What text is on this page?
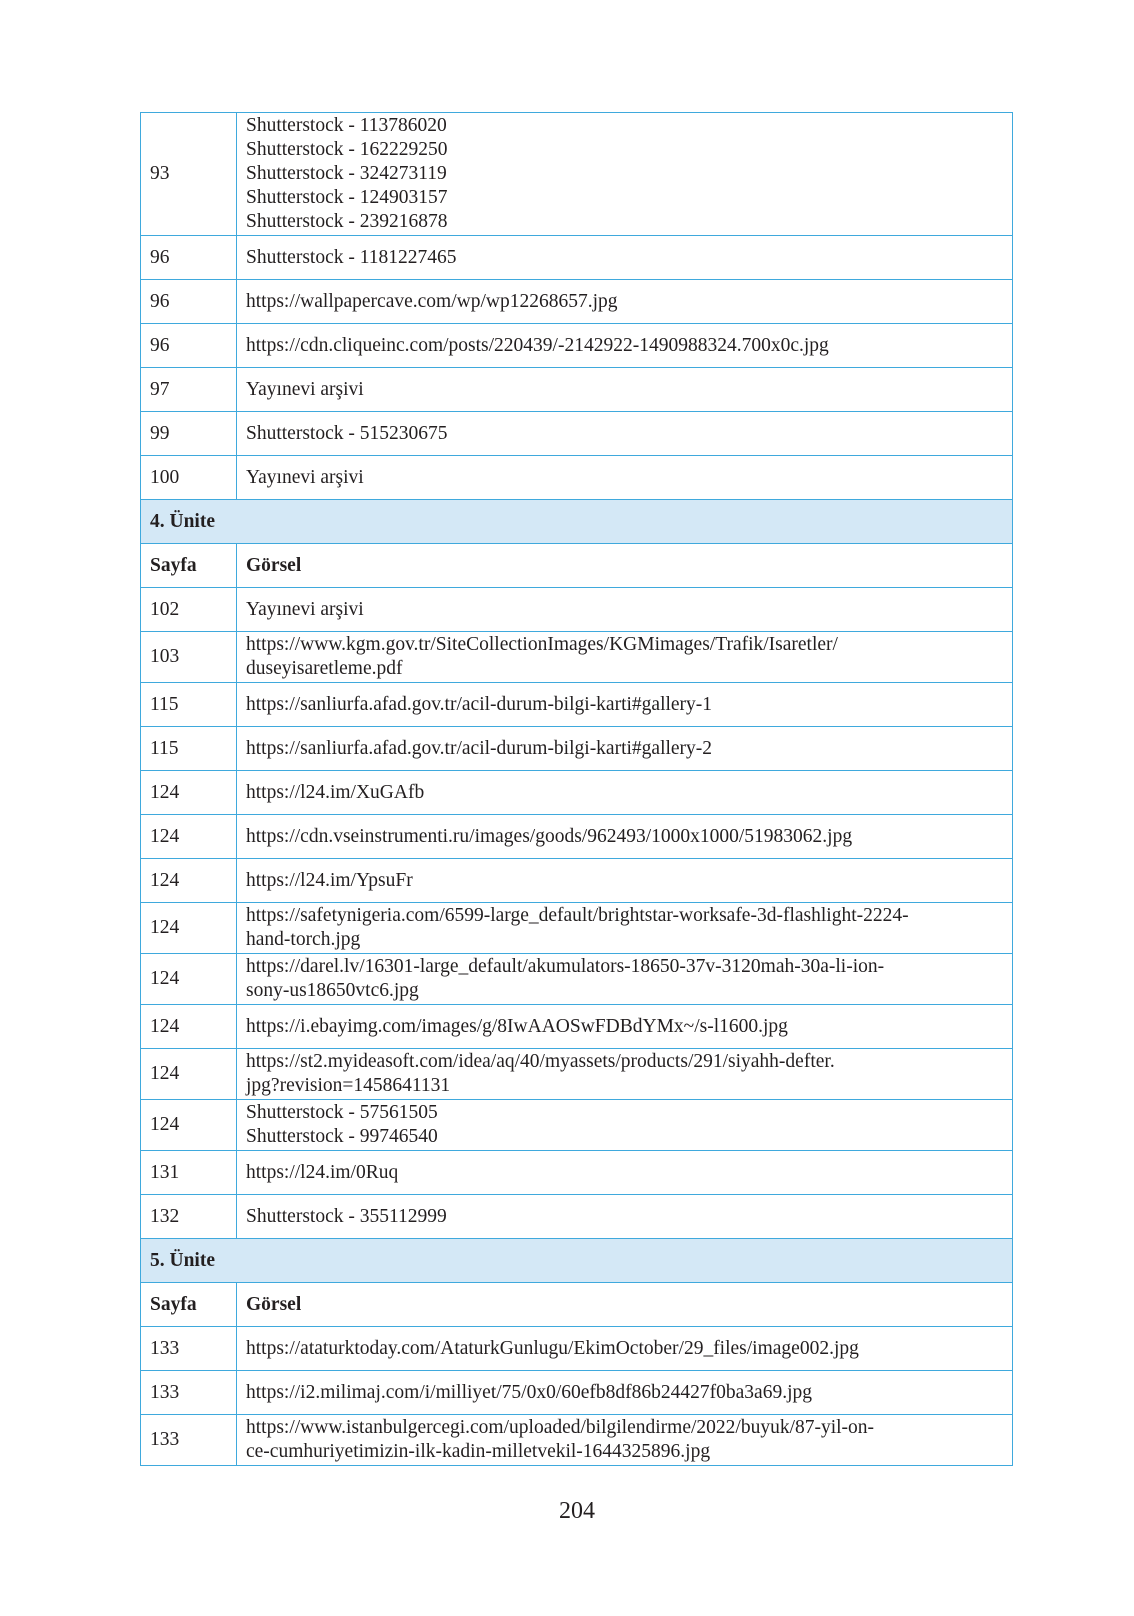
93	Shutterstock - 113786020
Shutterstock - 162229250
Shutterstock - 324273119
Shutterstock - 124903157
Shutterstock - 239216878

96	Shutterstock - 1181227465

96	https://wallpapercave.com/wp/wp12268657.jpg

96	https://cdn.cliqueinc.com/posts/220439/-2142922-1490988324.700x0c.jpg

97	Yayınevi arşivi

99	Shutterstock - 515230675

100	Yayınevi arşivi

4. Ünite	
Sayfa	Görsel
102	Yayınevi arşivi

103	https://www.kgm.gov.tr/SiteCollectionImages/KGMimages/Trafik/Isaretler/
duseyisaretleme.pdf

115	https://sanliurfa.afad.gov.tr/acil-durum-bilgi-karti#gallery-1

115	https://sanliurfa.afad.gov.tr/acil-durum-bilgi-karti#gallery-2

124	https://l24.im/XuGAfb

124	https://cdn.vseinstrumenti.ru/images/goods/962493/1000x1000/51983062.jpg

124	https://l24.im/YpsuFr

124	https://safetynigeria.com/6599-large_default/brightstar-worksafe-3d-flashlight-2224-
hand-torch.jpg

124	https://darel.lv/16301-large_default/akumulators-18650-37v-3120mah-30a-li-ion-
sony-us18650vtc6.jpg

124	https://i.ebayimg.com/images/g/8IwAAOSwFDBdYMx~/s-l1600.jpg

124	https://st2.myideasoft.com/idea/aq/40/myassets/products/291/siyahh-defter.
jpg?revision=1458641131

124	Shutterstock - 57561505
Shutterstock - 99746540

131	https://l24.im/0Ruq

132	Shutterstock - 355112999

5. Ünite	
Sayfa	Görsel
133	https://ataturktoday.com/AtaturkGunlugu/EkimOctober/29_files/image002.jpg

133	https://i2.milimaj.com/i/milliyet/75/0x0/60efb8df86b24427f0ba3a69.jpg

133	https://www.istanbulgercegi.com/uploaded/bilgilendirme/2022/buyuk/87-yil-on-
ce-cumhuriyetimizin-ilk-kadin-milletvekil-1644325896.jpg
204
